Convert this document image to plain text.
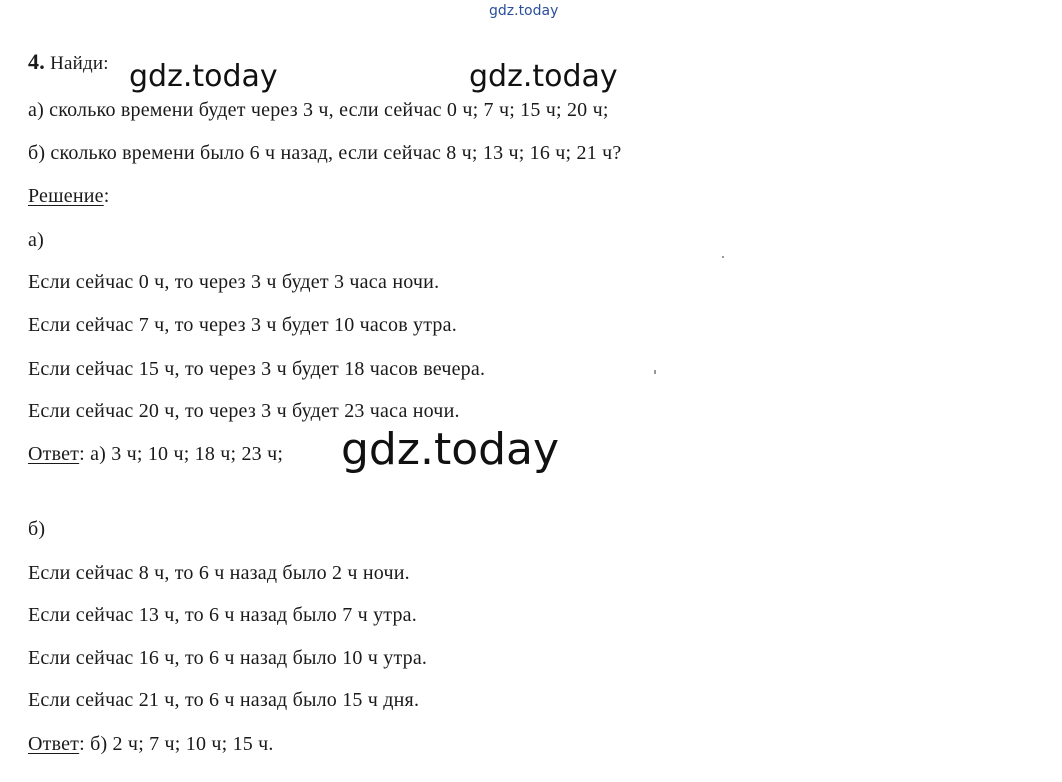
gdz.today
4. Найди: gdz.today	gdz.today
а) сколько времени будет через 3 ч, если сейчас 0 ч; 7 ч; 15 ч; 20 ч;
б) сколько времени было 6 ч назад, если сейчас 8 ч; 13 ч; 16 ч; 21 ч?
Решение:
а)
Если сейчас 0 ч, то через 3 ч будет 3 часа ночи.
Если сейчас 7 ч, то через 3 ч будет 10 часов утра.
Если сейчас 15 ч, то через 3 ч будет 18 часов вечера.
Если сейчас 20 ч, то через 3 ч будет 23 часа ночи.
Ответ: а) 3 ч; 10 ч; 18 ч; 23 ч; gdz.today
б)
Если сейчас 8 ч, то 6 ч назад было 2 ч ночи.
Если сейчас 13 ч, то 6 ч назад было 7 ч утра.
Если сейчас 16 ч, то 6 ч назад было 10 ч утра.
Если сейчас 21 ч, то 6 ч назад было 15 ч дня.
Ответ: б) 2 ч; 7 ч; 10 ч; 15 ч.
